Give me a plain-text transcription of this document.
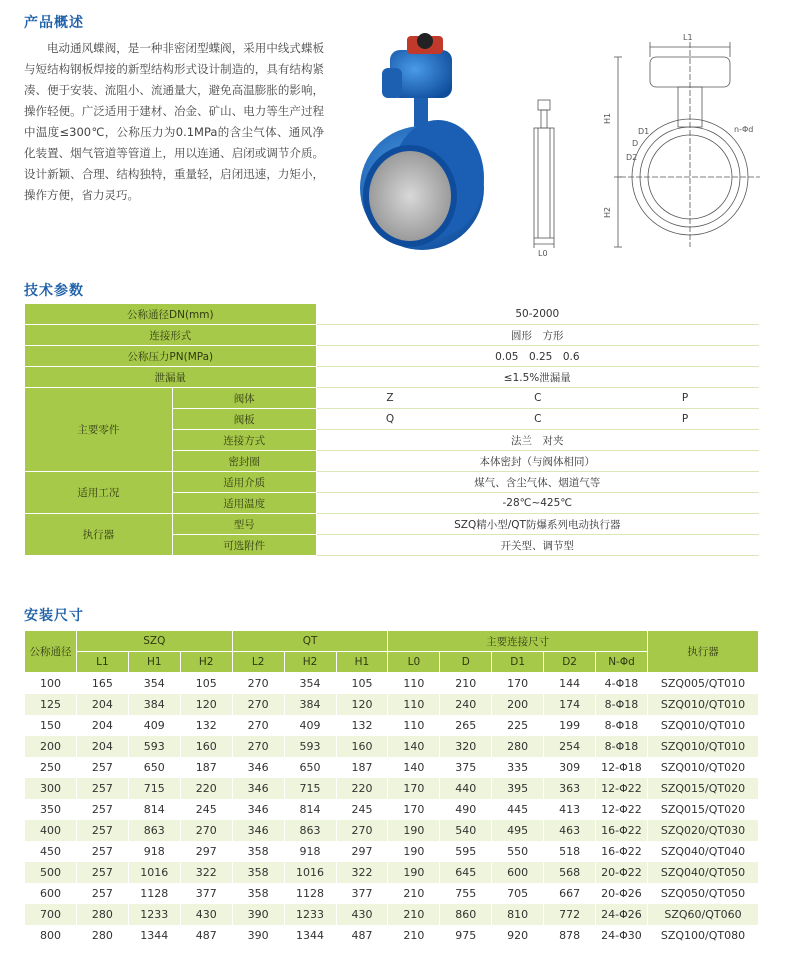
产品概述

电动通风蝶阀，是一种非密闭型蝶阀，采用中线式蝶板与短结构钢板焊接的新型结构形式设计制造的，具有结构紧凑、便于安装、流阻小、流通量大，避免高温膨胀的影响，操作轻便。广泛适用于建材、冶金、矿山、电力等生产过程中温度≤300℃，公称压力为0.1MPa的含尘气体、通风净化装置、烟气管道等管道上，用以连通、启闭或调节介质。设计新颖、合理、结构独特，重量轻，启闭迅速，力矩小，操作方便，省力灵巧。

L0
L1
H1
H2
D1
D
D2
n-Φd
技术参数
公称通径DN(mm)		50-2000		
连接形式		圆形　方形		
公称压力PN(MPa)		0.05　0.25　0.6		
泄漏量		≤1.5%泄漏量		
主要零件	阀体	Z	C	P
	阀板	Q	C	P
	连接方式	法兰　对夹		
	密封圈	本体密封（与阀体相同）		
适用工况	适用介质	煤气、含尘气体、烟道气等		
	适用温度	-28℃~425℃		
执行器	型号	SZQ精小型/QT防爆系列电动执行器		
	可选附件	开关型、调节型		
安装尺寸
公称通径	SZQ			QT			主要连接尺寸					执行器
	L1	H1	H2	L2	H2	H1	L0	D	D1	D2	N-Φd	
100	165	354	105	270	354	105	110	210	170	144	4-Φ18	SZQ005/QT010
125	204	384	120	270	384	120	110	240	200	174	8-Φ18	SZQ010/QT010
150	204	409	132	270	409	132	110	265	225	199	8-Φ18	SZQ010/QT010
200	204	593	160	270	593	160	140	320	280	254	8-Φ18	SZQ010/QT010
250	257	650	187	346	650	187	140	375	335	309	12-Φ18	SZQ010/QT020
300	257	715	220	346	715	220	170	440	395	363	12-Φ22	SZQ015/QT020
350	257	814	245	346	814	245	170	490	445	413	12-Φ22	SZQ015/QT020
400	257	863	270	346	863	270	190	540	495	463	16-Φ22	SZQ020/QT030
450	257	918	297	358	918	297	190	595	550	518	16-Φ22	SZQ040/QT040
500	257	1016	322	358	1016	322	190	645	600	568	20-Φ22	SZQ040/QT050
600	257	1128	377	358	1128	377	210	755	705	667	20-Φ26	SZQ050/QT050
700	280	1233	430	390	1233	430	210	860	810	772	24-Φ26	SZQ60/QT060
800	280	1344	487	390	1344	487	210	975	920	878	24-Φ30	SZQ100/QT080
